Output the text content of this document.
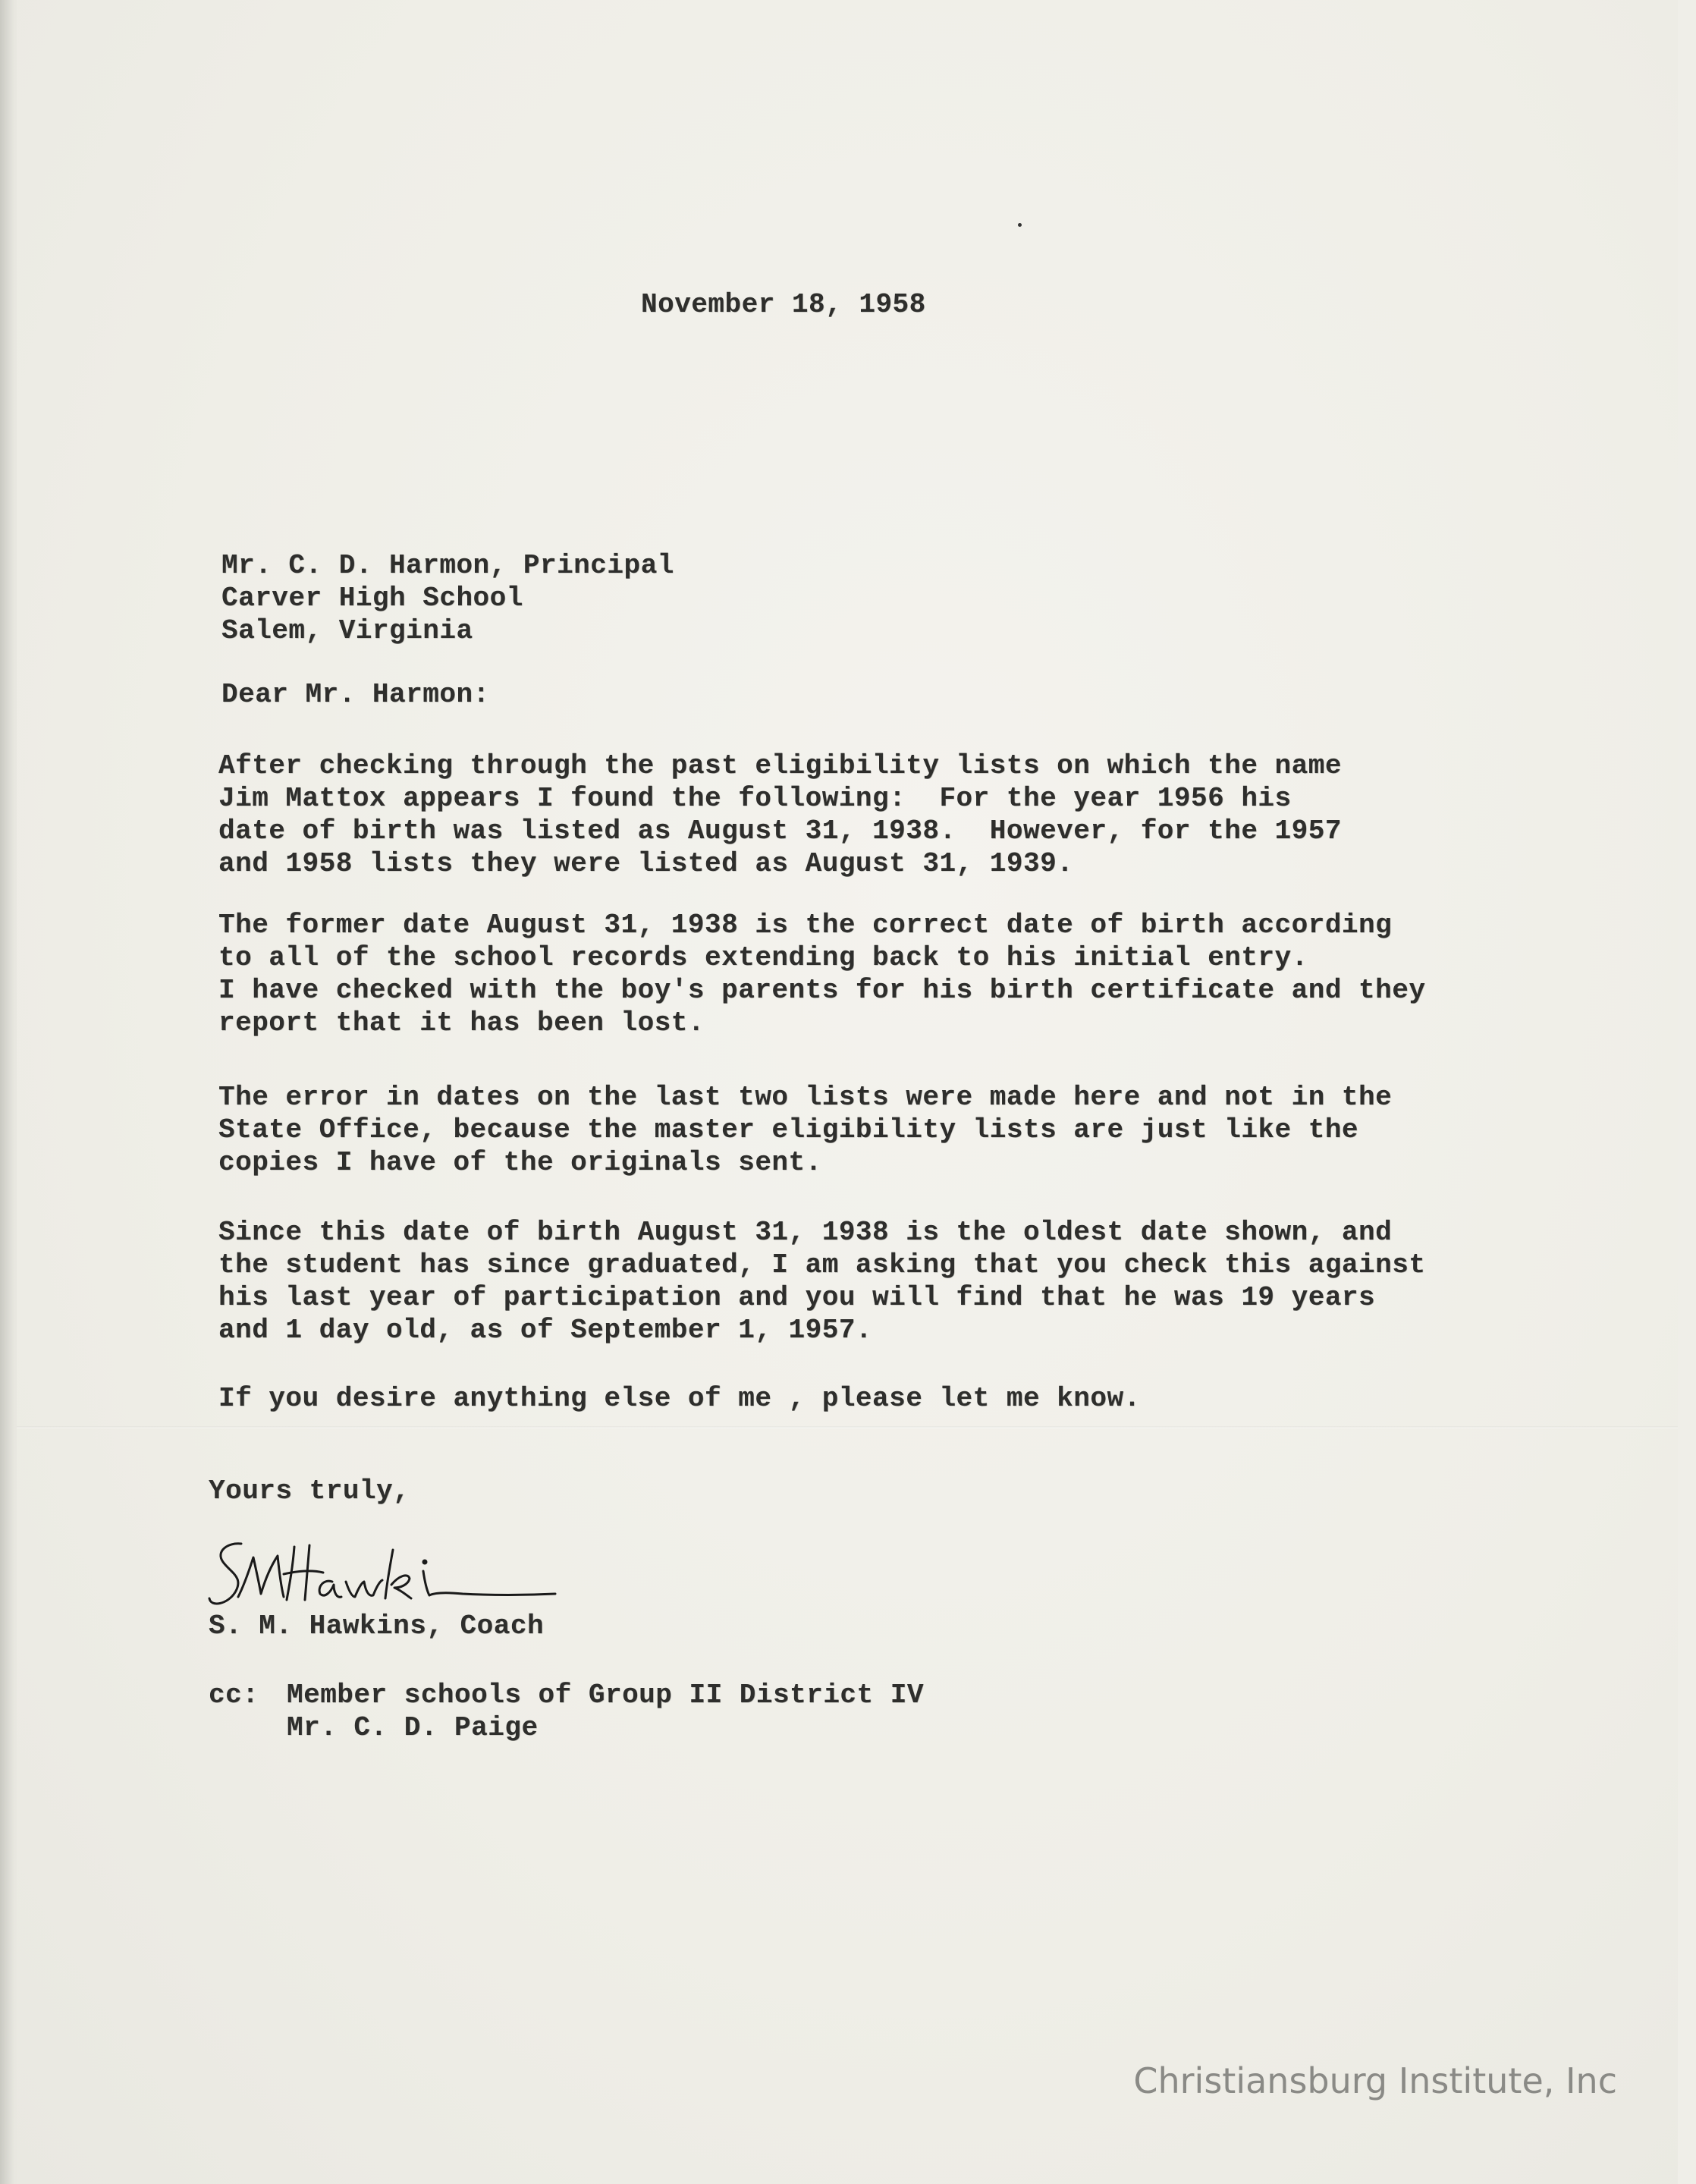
November 18, 1958
Mr. C. D. Harmon, Principal
Carver High School
Salem, Virginia
Dear Mr. Harmon:
After checking through the past eligibility lists on which the name
Jim Mattox appears I found the following:  For the year 1956 his
date of birth was listed as August 31, 1938.  However, for the 1957
and 1958 lists they were listed as August 31, 1939.
The former date August 31, 1938 is the correct date of birth according
to all of the school records extending back to his initial entry.
I have checked with the boy's parents for his birth certificate and they
report that it has been lost.
The error in dates on the last two lists were made here and not in the
State Office, because the master eligibility lists are just like the
copies I have of the originals sent.
Since this date of birth August 31, 1938 is the oldest date shown, and
the student has since graduated, I am asking that you check this against
his last year of participation and you will find that he was 19 years
and 1 day old, as of September 1, 1957.
If you desire anything else of me , please let me know.
Yours truly,
S. M. Hawkins, Coach
cc: Member schools of Group II District IV
Mr. C. D. Paige
Christiansburg Institute, Inc
